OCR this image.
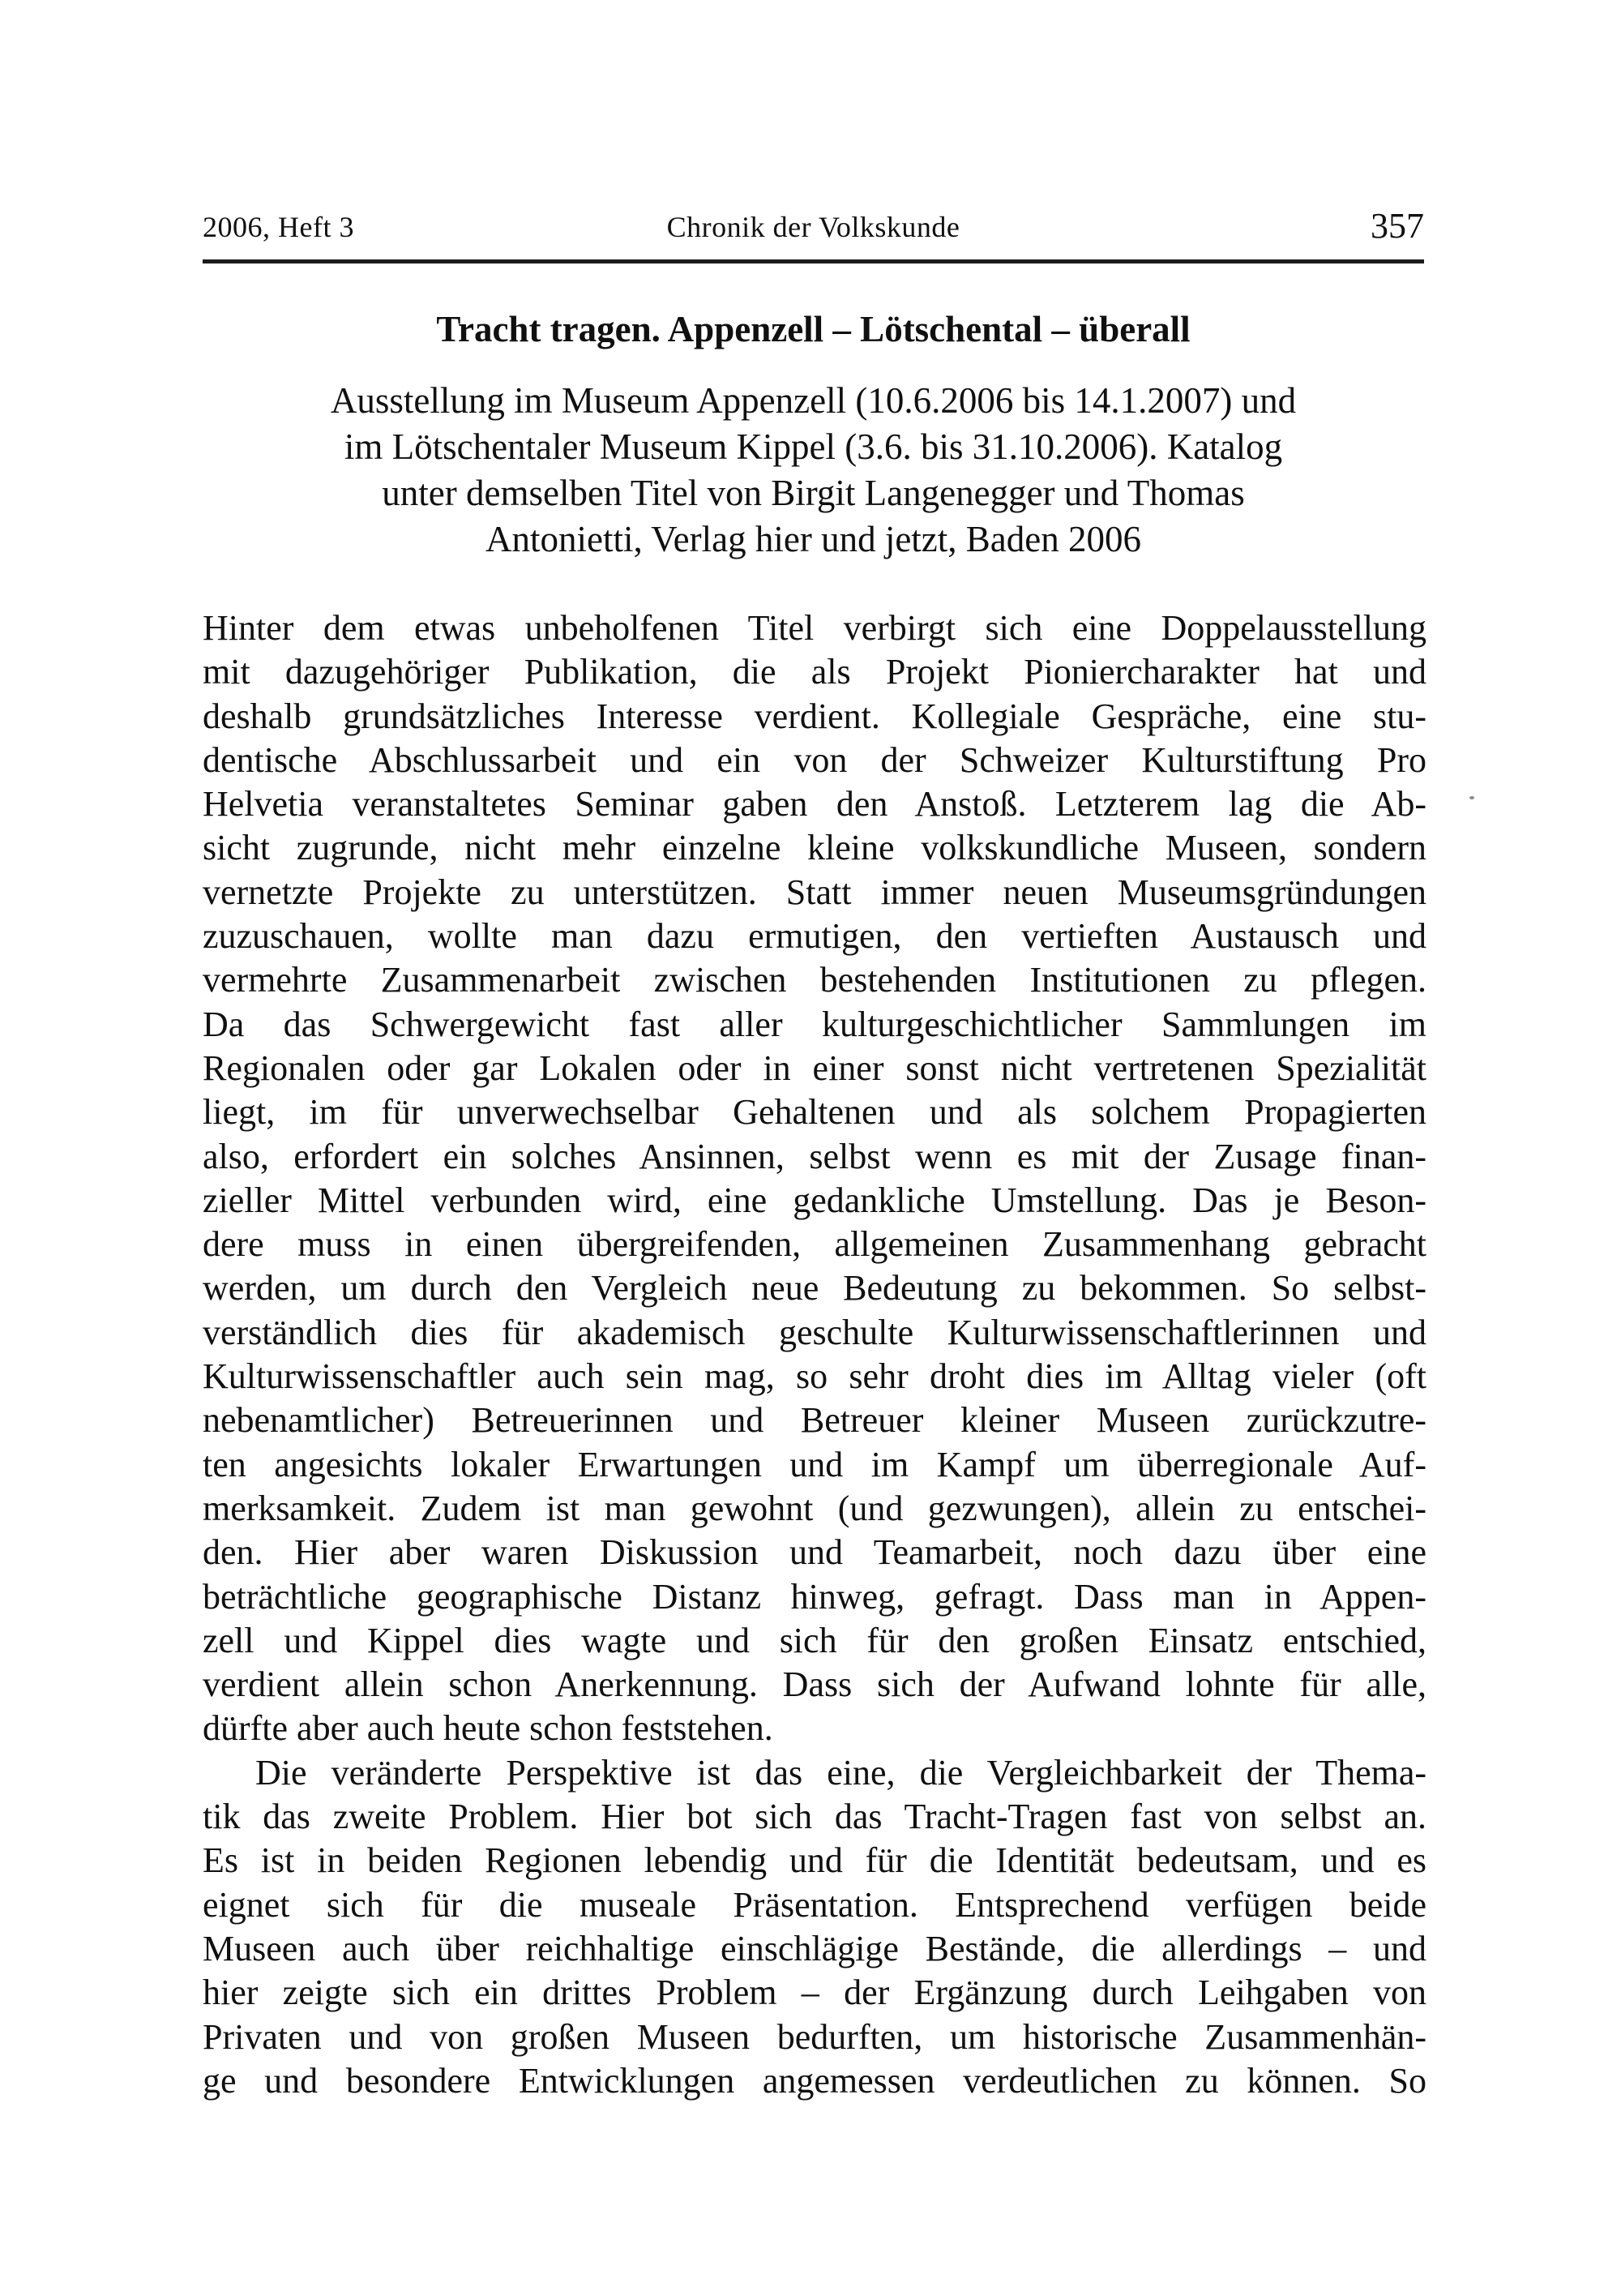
2006, Heft 3	Chronik der Volkskunde	357
Tracht tragen. Appenzell – Lötschental – überall
Ausstellung im Museum Appenzell (10.6.2006 bis 14.1.2007) und
im Lötschentaler Museum Kippel (3.6. bis 31.10.2006). Katalog
unter demselben Titel von Birgit Langenegger und Thomas
Antonietti, Verlag hier und jetzt, Baden 2006
Hinter dem etwas unbeholfenen Titel verbirgt sich eine Doppelausstellung
mit dazugehöriger Publikation, die als Projekt Pioniercharakter hat und
deshalb grundsätzliches Interesse verdient. Kollegiale Gespräche, eine stu-
dentische Abschlussarbeit und ein von der Schweizer Kulturstiftung Pro
Helvetia veranstaltetes Seminar gaben den Anstoß. Letzterem lag die Ab-
sicht zugrunde, nicht mehr einzelne kleine volkskundliche Museen, sondern
vernetzte Projekte zu unterstützen. Statt immer neuen Museumsgründungen
zuzuschauen, wollte man dazu ermutigen, den vertieften Austausch und
vermehrte Zusammenarbeit zwischen bestehenden Institutionen zu pflegen.
Da das Schwergewicht fast aller kulturgeschichtlicher Sammlungen im
Regionalen oder gar Lokalen oder in einer sonst nicht vertretenen Spezialität
liegt, im für unverwechselbar Gehaltenen und als solchem Propagierten
also, erfordert ein solches Ansinnen, selbst wenn es mit der Zusage finan-
zieller Mittel verbunden wird, eine gedankliche Umstellung. Das je Beson-
dere muss in einen übergreifenden, allgemeinen Zusammenhang gebracht
werden, um durch den Vergleich neue Bedeutung zu bekommen. So selbst-
verständlich dies für akademisch geschulte Kulturwissenschaftlerinnen und
Kulturwissenschaftler auch sein mag, so sehr droht dies im Alltag vieler (oft
nebenamtlicher) Betreuerinnen und Betreuer kleiner Museen zurückzutre-
ten angesichts lokaler Erwartungen und im Kampf um überregionale Auf-
merksamkeit. Zudem ist man gewohnt (und gezwungen), allein zu entschei-
den. Hier aber waren Diskussion und Teamarbeit, noch dazu über eine
beträchtliche geographische Distanz hinweg, gefragt. Dass man in Appen-
zell und Kippel dies wagte und sich für den großen Einsatz entschied,
verdient allein schon Anerkennung. Dass sich der Aufwand lohnte für alle,
dürfte aber auch heute schon feststehen.
Die veränderte Perspektive ist das eine, die Vergleichbarkeit der Thema-
tik das zweite Problem. Hier bot sich das Tracht-Tragen fast von selbst an.
Es ist in beiden Regionen lebendig und für die Identität bedeutsam, und es
eignet sich für die museale Präsentation. Entsprechend verfügen beide
Museen auch über reichhaltige einschlägige Bestände, die allerdings – und
hier zeigte sich ein drittes Problem – der Ergänzung durch Leihgaben von
Privaten und von großen Museen bedurften, um historische Zusammenhän-
ge und besondere Entwicklungen angemessen verdeutlichen zu können. So
